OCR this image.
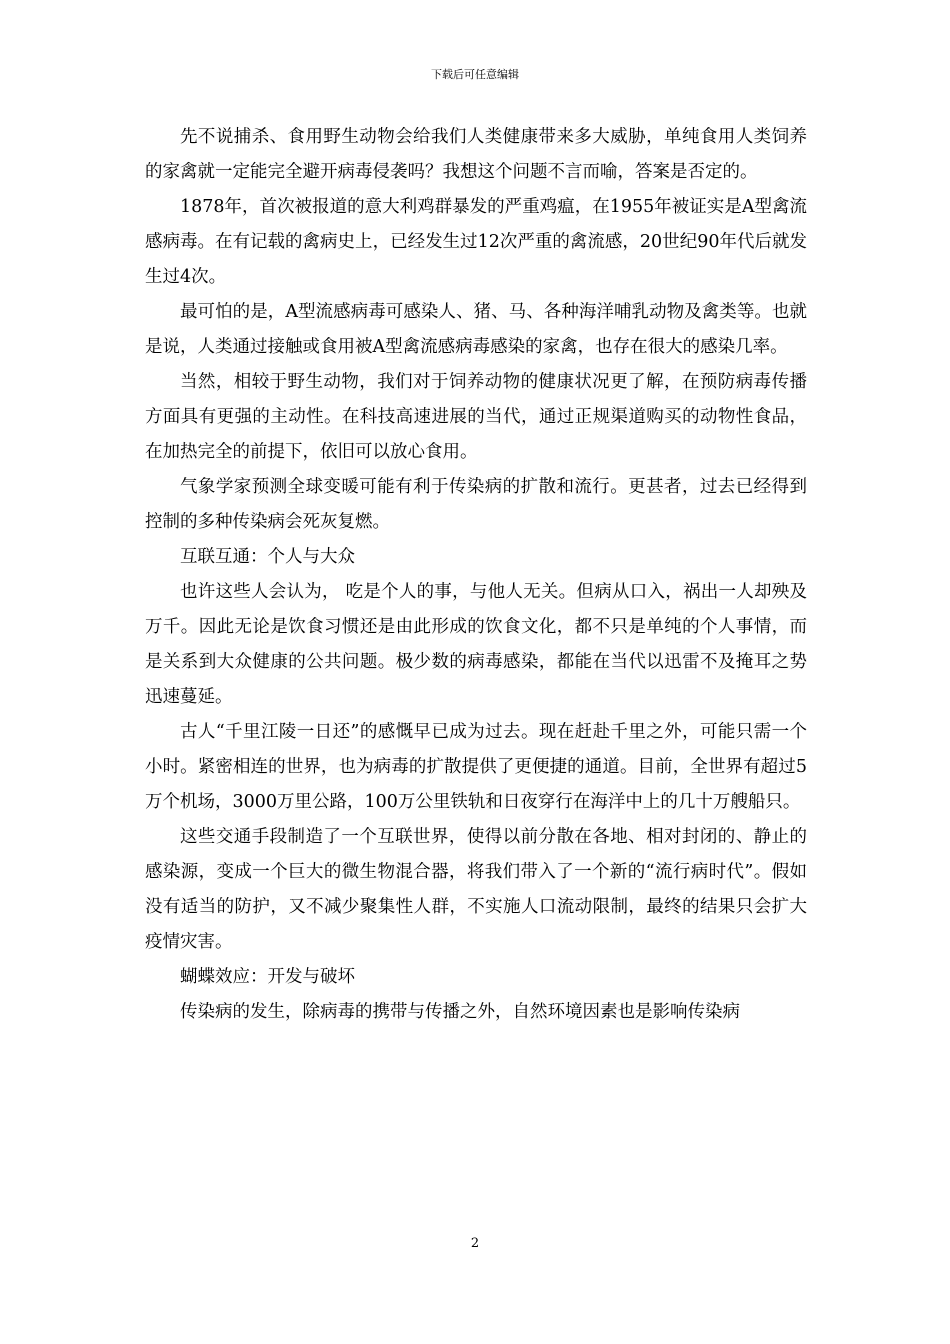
下载后可任意编辑

先不说捕杀、食用野生动物会给我们人类健康带来多大威胁，单纯食用人类饲养的家禽就一定能完全避开病毒侵袭吗？我想这个问题不言而喻，答案是否定的。

1878年，首次被报道的意大利鸡群暴发的严重鸡瘟，在1955年被证实是A型禽流感病毒。在有记载的禽病史上，已经发生过12次严重的禽流感，20世纪90年代后就发生过4次。

最可怕的是，A型流感病毒可感染人、猪、马、各种海洋哺乳动物及禽类等。也就是说，人类通过接触或食用被A型禽流感病毒感染的家禽，也存在很大的感染几率。

当然，相较于野生动物，我们对于饲养动物的健康状况更了解，在预防病毒传播方面具有更强的主动性。在科技高速进展的当代，通过正规渠道购买的动物性食品，在加热完全的前提下，依旧可以放心食用。

气象学家预测全球变暖可能有利于传染病的扩散和流行。更甚者，过去已经得到控制的多种传染病会死灰复燃。

互联互通：个人与大众

也许这些人会认为， 吃是个人的事，与他人无关。但病从口入，祸出一人却殃及万千。因此无论是饮食习惯还是由此形成的饮食文化，都不只是单纯的个人事情，而是关系到大众健康的公共问题。极少数的病毒感染，都能在当代以迅雷不及掩耳之势迅速蔓延。

古人“千里江陵一日还”的感慨早已成为过去。现在赶赴千里之外，可能只需一个小时。紧密相连的世界，也为病毒的扩散提供了更便捷的通道。目前，全世界有超过5万个机场，3000万里公路，100万公里铁轨和日夜穿行在海洋中上的几十万艘船只。

这些交通手段制造了一个互联世界，使得以前分散在各地、相对封闭的、静止的感染源，变成一个巨大的微生物混合器，将我们带入了一个新的“流行病时代”。假如没有适当的防护，又不减少聚集性人群，不实施人口流动限制，最终的结果只会扩大疫情灾害。

蝴蝶效应：开发与破坏

传染病的发生，除病毒的携带与传播之外，自然环境因素也是影响传染病

2
